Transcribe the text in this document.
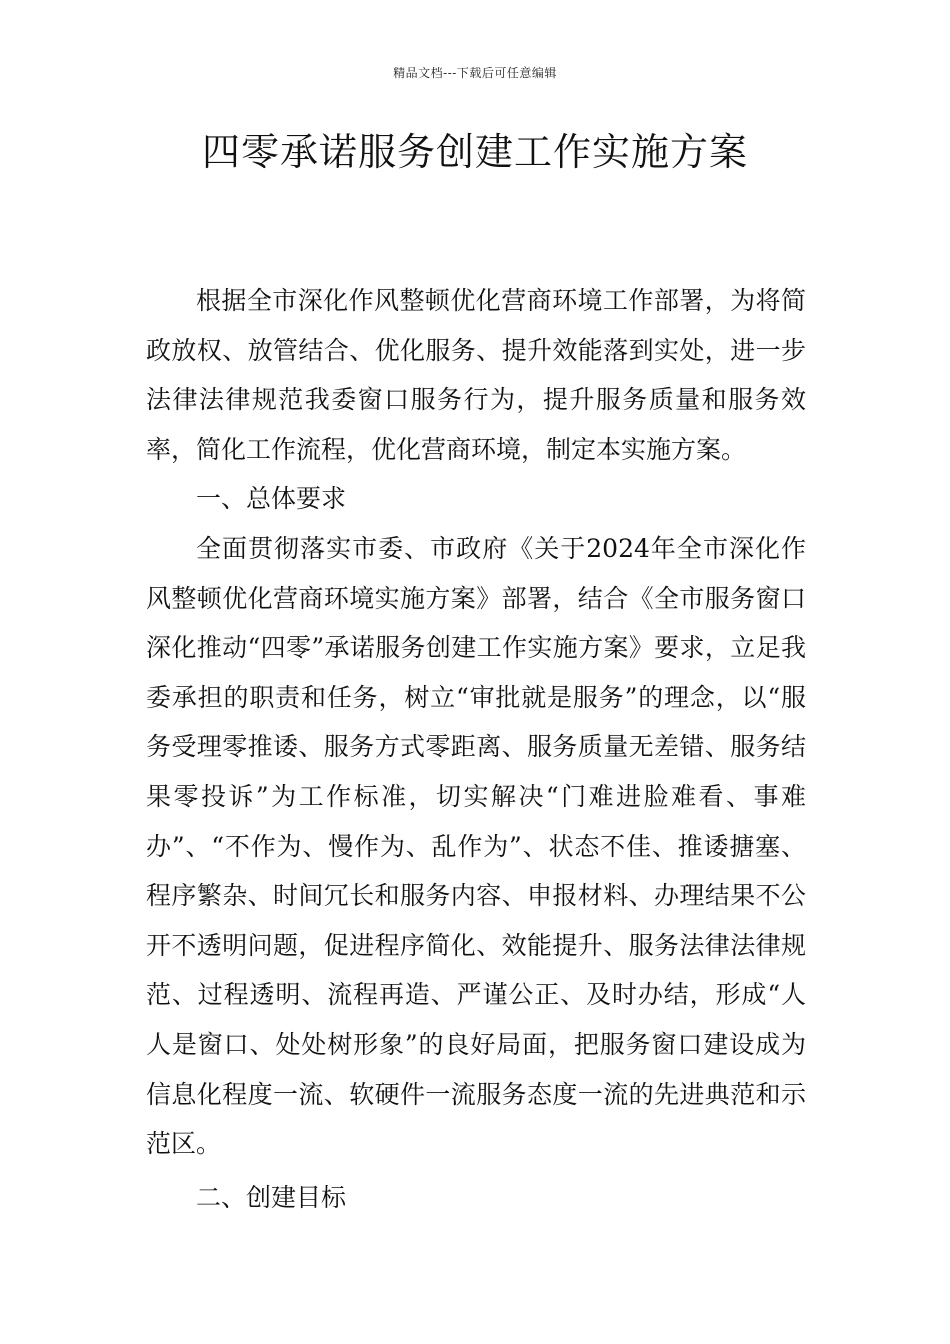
精品文档---下载后可任意编辑
四零承诺服务创建工作实施方案

根据全市深化作风整顿优化营商环境工作部署，为将简政放权、放管结合、优化服务、提升效能落到实处，进一步法律法律规范我委窗口服务行为，提升服务质量和服务效率，简化工作流程，优化营商环境，制定本实施方案。

一、总体要求

全面贯彻落实市委、市政府《关于2024年全市深化作风整顿优化营商环境实施方案》部署，结合《全市服务窗口深化推动“四零”承诺服务创建工作实施方案》要求，立足我委承担的职责和任务，树立“审批就是服务”的理念，以“服务受理零推诿、服务方式零距离、服务质量无差错、服务结果零投诉”为工作标准，切实解决“门难进脸难看、事难办”、“不作为、慢作为、乱作为”、状态不佳、推诿搪塞、程序繁杂、时间冗长和服务内容、申报材料、办理结果不公开不透明问题，促进程序简化、效能提升、服务法律法律规范、过程透明、流程再造、严谨公正、及时办结，形成“人人是窗口、处处树形象”的良好局面，把服务窗口建设成为信息化程度一流、软硬件一流服务态度一流的先进典范和示范区。

二、创建目标
